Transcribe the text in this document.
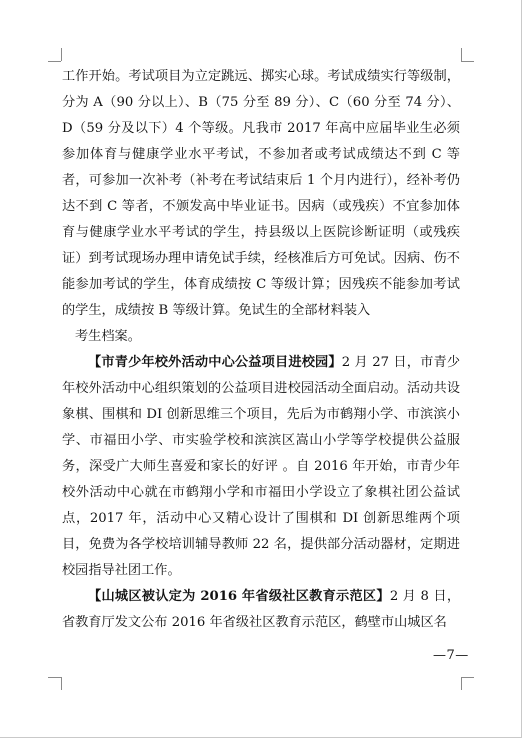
工作开始。考试项目为立定跳远、掷实心球。考试成绩实行等级制，分为 A（90 分以上）、B（75 分至 89 分）、C（60 分至 74 分）、D（59 分及以下）4 个等级。凡我市 2017 年高中应届毕业生必须参加体育与健康学业水平考试，不参加者或考试成绩达不到 C 等者，可参加一次补考（补考在考试结束后 1 个月内进行），经补考仍达不到 C 等者，不颁发高中毕业证书。因病（或残疾）不宜参加体育与健康学业水平考试的学生，持县级以上医院诊断证明（或残疾证）到考试现场办理申请免试手续，经核准后方可免试。因病、伤不能参加考试的学生，体育成绩按 C 等级计算；因残疾不能参加考试的学生，成绩按 B 等级计算。免试生的全部材料装入

考生档案。

【市青少年校外活动中心公益项目进校园】2 月 27 日，市青少年校外活动中心组织策划的公益项目进校园活动全面启动。活动共设象棋、围棋和 DI 创新思维三个项目，先后为市鹤翔小学、市滨滨小学、市福田小学、市实验学校和滨滨区嵩山小学等学校提供公益服务，深受广大师生喜爱和家长的好评 。自 2016 年开始，市青少年校外活动中心就在市鹤翔小学和市福田小学设立了象棋社团公益试点，2017 年，活动中心又精心设计了围棋和 DI 创新思维两个项目，免费为各学校培训辅导教师 22 名，提供部分活动器材，定期进校园指导社团工作。

【山城区被认定为 2016 年省级社区教育示范区】2 月 8 日，省教育厅发文公布 2016 年省级社区教育示范区，鹤壁市山城区名

—7—
